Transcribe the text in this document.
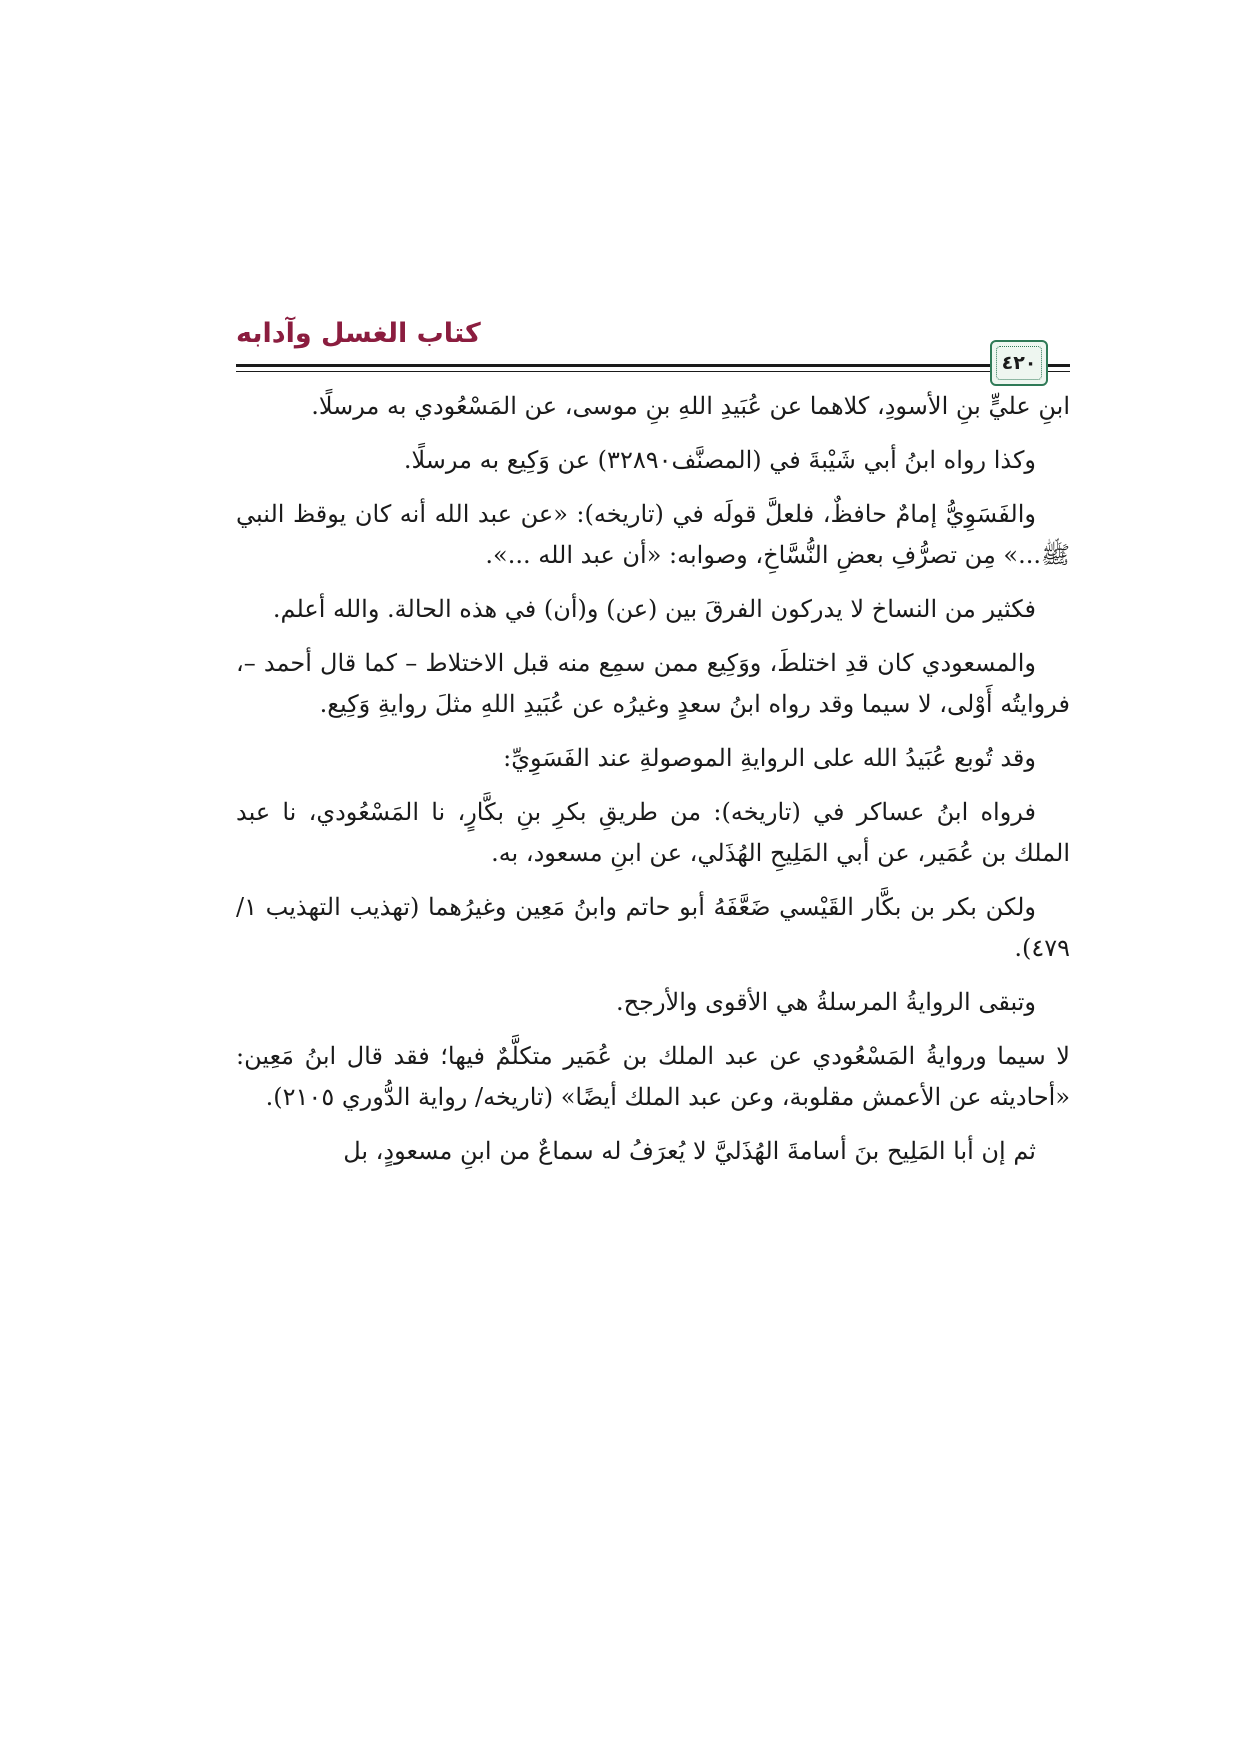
كتاب الغسل وآدابه
٤٢٠

ابنِ عليٍّ بنِ الأسودِ، كلاهما عن عُبَيدِ اللهِ بنِ موسى، عن المَسْعُودي به مرسلًا.

وكذا رواه ابنُ أبي شَيْبةَ في (المصنَّف٣٢٨٩٠) عن وَكِيع به مرسلًا.

والفَسَوِيُّ إمامٌ حافظٌ، فلعلَّ قولَه في (تاريخه): «عن عبد الله أنه كان يوقظ النبي ﷺ...» مِن تصرُّفِ بعضِ النُّسَّاخِ، وصوابه: «أن عبد الله ...».

فكثير من النساخ لا يدركون الفرقَ بين (عن) و(أن) في هذه الحالة. والله أعلم.

والمسعودي كان قدِ اختلطَ، ووَكِيع ممن سمِع منه قبل الاختلاط – كما قال أحمد –، فروايتُه أَوْلى، لا سيما وقد رواه ابنُ سعدٍ وغيرُه عن عُبَيدِ اللهِ مثلَ روايةِ وَكِيع.

وقد تُوبع عُبَيدُ الله على الروايةِ الموصولةِ عند الفَسَوِيِّ:

فرواه ابنُ عساكر في (تاريخه): من طريقِ بكرِ بنِ بكَّارٍ، نا المَسْعُودي، نا عبد الملك بن عُمَير، عن أبي المَلِيحِ الهُذَلي، عن ابنِ مسعود، به.

ولكن بكر بن بكَّار القَيْسي ضَعَّفَهُ أبو حاتم وابنُ مَعِين وغيرُهما (تهذيب التهذيب ١/ ٤٧٩).

وتبقى الروايةُ المرسلةُ هي الأقوى والأرجح.

لا سيما وروايةُ المَسْعُودي عن عبد الملك بن عُمَير متكلَّمٌ فيها؛ فقد قال ابنُ مَعِين: «أحاديثه عن الأعمش مقلوبة، وعن عبد الملك أيضًا» (تاريخه/ رواية الدُّوري ٢١٠٥).

ثم إن أبا المَلِيح بنَ أسامةَ الهُذَليَّ لا يُعرَفُ له سماعٌ من ابنِ مسعودٍ، بل
